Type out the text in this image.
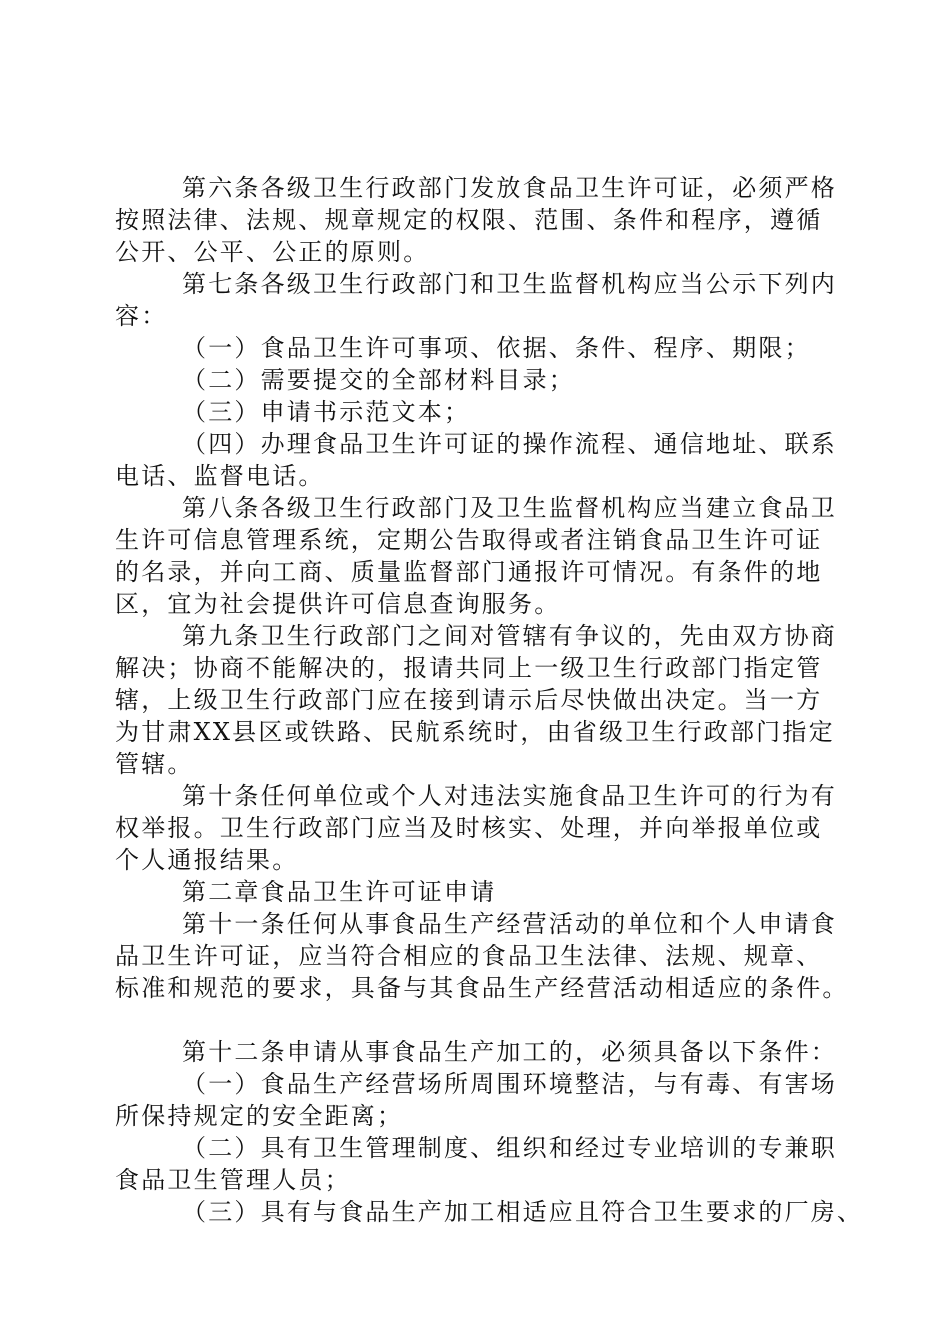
第六条各级卫生行政部门发放食品卫生许可证，必须严格
按照法律、法规、规章规定的权限、范围、条件和程序，遵循
公开、公平、公正的原则。
第七条各级卫生行政部门和卫生监督机构应当公示下列内
容：
（一）食品卫生许可事项、依据、条件、程序、期限；
（二）需要提交的全部材料目录；
（三）申请书示范文本；
（四）办理食品卫生许可证的操作流程、通信地址、联系
电话、监督电话。
第八条各级卫生行政部门及卫生监督机构应当建立食品卫
生许可信息管理系统，定期公告取得或者注销食品卫生许可证
的名录，并向工商、质量监督部门通报许可情况。有条件的地
区，宜为社会提供许可信息查询服务。
第九条卫生行政部门之间对管辖有争议的，先由双方协商
解决；协商不能解决的，报请共同上一级卫生行政部门指定管
辖，上级卫生行政部门应在接到请示后尽快做出决定。当一方
为甘肃XX县区或铁路、民航系统时，由省级卫生行政部门指定
管辖。
第十条任何单位或个人对违法实施食品卫生许可的行为有
权举报。卫生行政部门应当及时核实、处理，并向举报单位或
个人通报结果。
第二章食品卫生许可证申请
第十一条任何从事食品生产经营活动的单位和个人申请食
品卫生许可证，应当符合相应的食品卫生法律、法规、规章、
标准和规范的要求，具备与其食品生产经营活动相适应的条件。
第十二条申请从事食品生产加工的，必须具备以下条件：
（一）食品生产经营场所周围环境整洁，与有毒、有害场
所保持规定的安全距离；
（二）具有卫生管理制度、组织和经过专业培训的专兼职
食品卫生管理人员；
（三）具有与食品生产加工相适应且符合卫生要求的厂房、
